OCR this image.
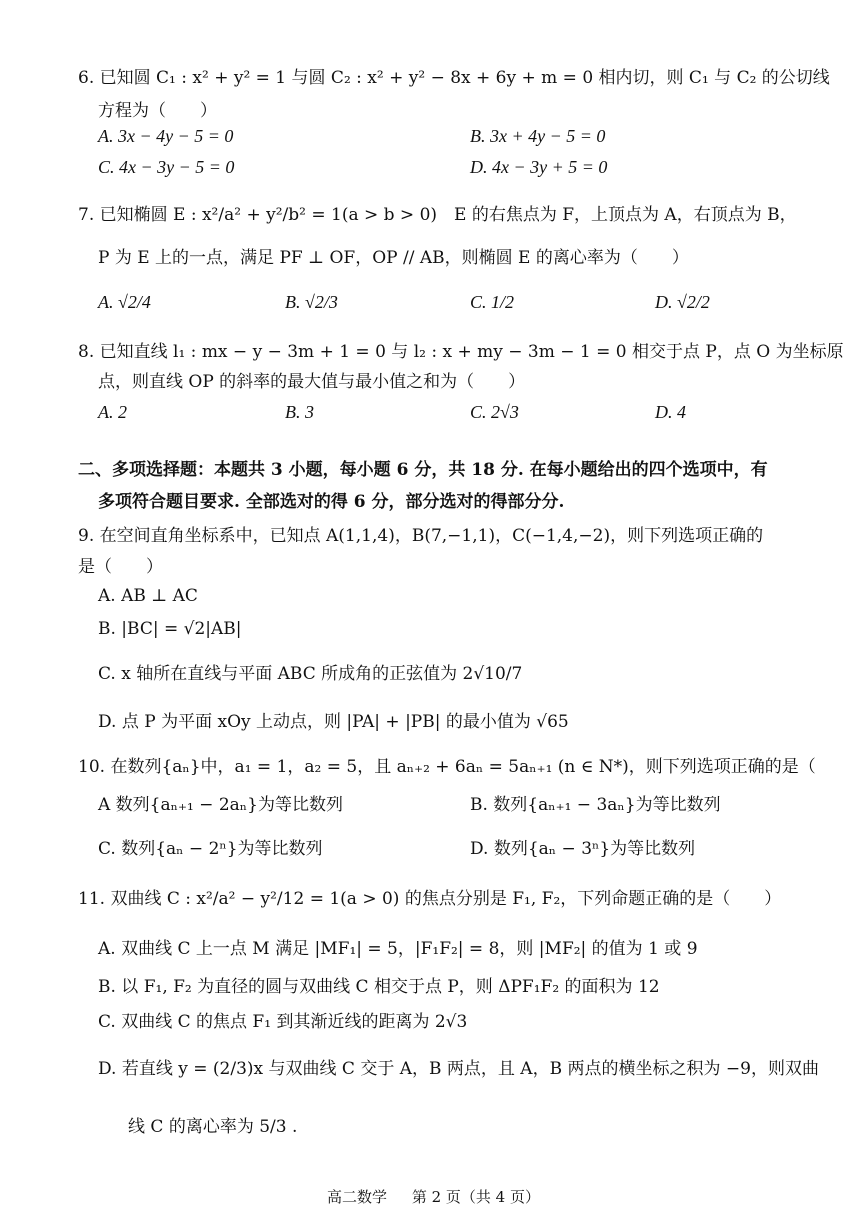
6. 已知圆 C₁ : x² + y² = 1 与圆 C₂ : x² + y² − 8x + 6y + m = 0 相内切，则 C₁ 与 C₂ 的公切线
方程为（　　）
A. 3x − 4y − 5 = 0	B. 3x + 4y − 5 = 0
C. 4x − 3y − 5 = 0	D. 4x − 3y + 5 = 0
7. 已知椭圆 E : x²/a² + y²/b² = 1(a > b > 0)　E 的右焦点为 F，上顶点为 A，右顶点为 B，
P 为 E 上的一点，满足 PF ⊥ OF，OP // AB，则椭圆 E 的离心率为（　　）
A. √2/4	B. √2/3	C. 1/2	D. √2/2
8. 已知直线 l₁ : mx − y − 3m + 1 = 0 与 l₂ : x + my − 3m − 1 = 0 相交于点 P，点 O 为坐标原
点，则直线 OP 的斜率的最大值与最小值之和为（　　）
A. 2	B. 3	C. 2√3	D. 4
二、多项选择题：本题共 3 小题，每小题 6 分，共 18 分. 在每小题给出的四个选项中，有
多项符合题目要求. 全部选对的得 6 分，部分选对的得部分分.
9. 在空间直角坐标系中，已知点 A(1,1,4)，B(7,−1,1)，C(−1,4,−2)，则下列选项正确的
是（　　）
A. AB ⊥ AC
B. |BC| = √2|AB|
C. x 轴所在直线与平面 ABC 所成角的正弦值为 2√10/7
D. 点 P 为平面 xOy 上动点，则 |PA| + |PB| 的最小值为 √65
10. 在数列{aₙ}中，a₁ = 1，a₂ = 5，且 aₙ₊₂ + 6aₙ = 5aₙ₊₁ (n ∈ N*)，则下列选项正确的是（
A 数列{aₙ₊₁ − 2aₙ}为等比数列	B. 数列{aₙ₊₁ − 3aₙ}为等比数列
C. 数列{aₙ − 2ⁿ}为等比数列	D. 数列{aₙ − 3ⁿ}为等比数列
11. 双曲线 C : x²/a² − y²/12 = 1(a > 0) 的焦点分别是 F₁, F₂，下列命题正确的是（　　）
A. 双曲线 C 上一点 M 满足 |MF₁| = 5，|F₁F₂| = 8，则 |MF₂| 的值为 1 或 9
B. 以 F₁, F₂ 为直径的圆与双曲线 C 相交于点 P，则 ΔPF₁F₂ 的面积为 12
C. 双曲线 C 的焦点 F₁ 到其渐近线的距离为 2√3
D. 若直线 y = (2/3)x 与双曲线 C 交于 A，B 两点，且 A，B 两点的横坐标之积为 −9，则双曲
线 C 的离心率为 5/3 .
高二数学 第 2 页（共 4 页）
